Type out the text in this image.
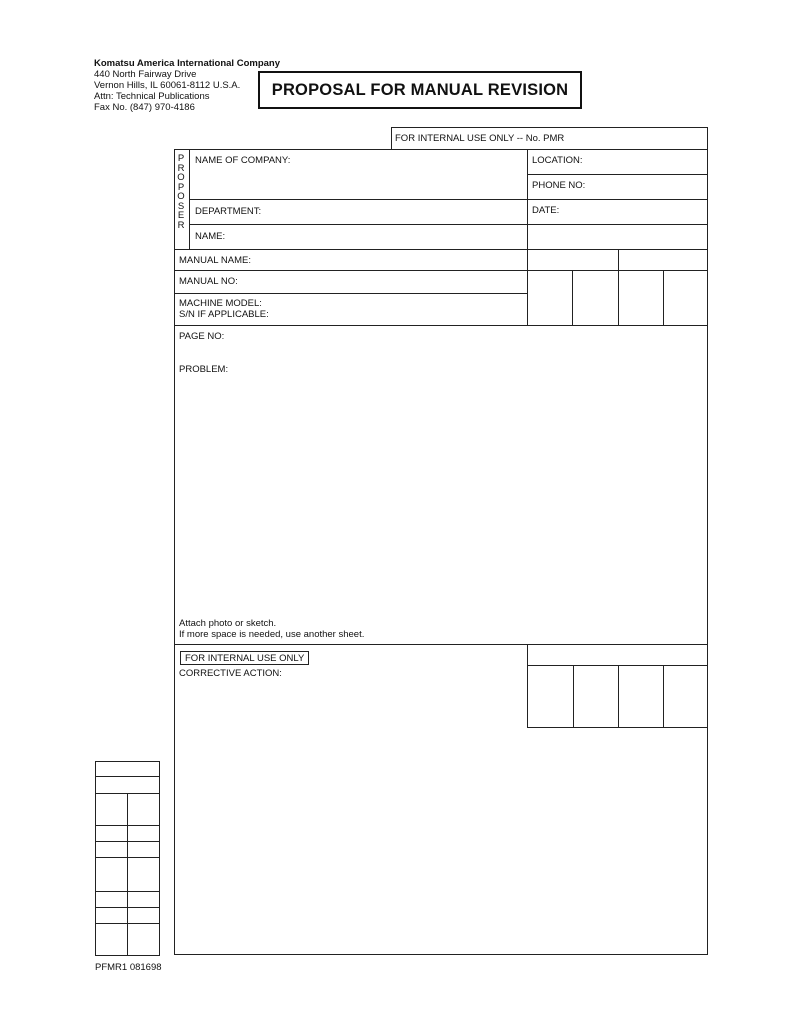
Komatsu America International Company
440 North Fairway Drive
Vernon Hills, IL 60061-8112 U.S.A.
Attn: Technical Publications
Fax No. (847) 970-4186
PROPOSAL FOR MANUAL REVISION
FOR INTERNAL USE ONLY -- No. PMR
P
R
O
P
O
S
E
R
NAME OF COMPANY:	LOCATION:
PHONE NO:
DEPARTMENT:	DATE:
NAME:
MANUAL NAME:
MANUAL NO:
MACHINE MODEL:
S/N IF APPLICABLE:
PAGE NO:
PROBLEM:
Attach photo or sketch.
If more space is needed, use another sheet.
FOR INTERNAL USE ONLY
CORRECTIVE ACTION:
PFMR1 081698
